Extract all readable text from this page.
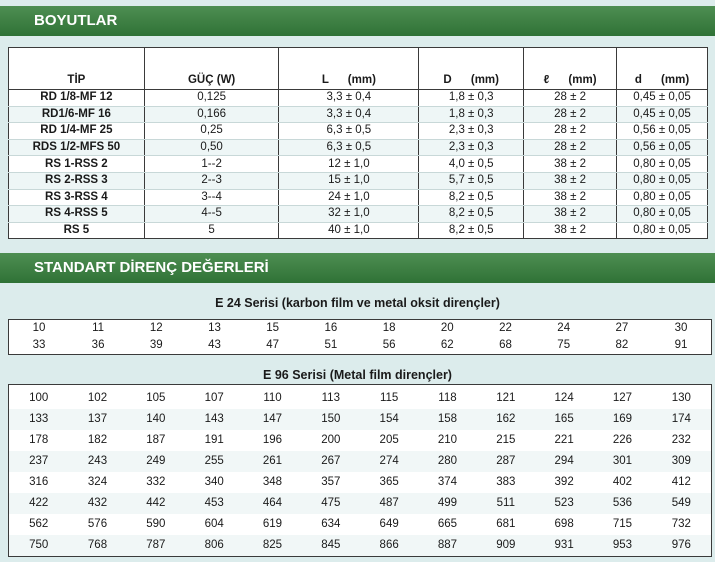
BOYUTLAR
TİP	GÜÇ (W)	L      (mm)	D      (mm)	ℓ      (mm)	d      (mm)
RD 1/8-MF 12	0,125	3,3 ± 0,4	1,8 ± 0,3	28 ± 2	0,45 ± 0,05
RD1/6-MF 16	0,166	3,3 ± 0,4	1,8 ± 0,3	28 ± 2	0,45 ± 0,05
RD 1/4-MF 25	0,25	6,3 ± 0,5	2,3 ± 0,3	28 ± 2	0,56 ± 0,05
RDS 1/2-MFS 50	0,50	6,3 ± 0,5	2,3 ± 0,3	28 ± 2	0,56 ± 0,05
RS 1-RSS 2	1--2	12 ± 1,0	4,0 ± 0,5	38 ± 2	0,80 ± 0,05
RS 2-RSS 3	2--3	15 ± 1,0	5,7 ± 0,5	38 ± 2	0,80 ± 0,05
RS 3-RSS 4	3--4	24 ± 1,0	8,2 ± 0,5	38 ± 2	0,80 ± 0,05
RS 4-RSS 5	4--5	32 ± 1,0	8,2 ± 0,5	38 ± 2	0,80 ± 0,05
RS 5	5	40 ± 1,0	8,2 ± 0,5	38 ± 2	0,80 ± 0,05
STANDART DİRENÇ DEĞERLERİ
E 24 Serisi (karbon film ve metal oksit dirençler)
10	11	12	13	15	16	18	20	22	24	27	30
33	36	39	43	47	51	56	62	68	75	82	91
E 96 Serisi (Metal film dirençler)
100	102	105	107	110	113	115	118	121	124	127	130
133	137	140	143	147	150	154	158	162	165	169	174
178	182	187	191	196	200	205	210	215	221	226	232
237	243	249	255	261	267	274	280	287	294	301	309
316	324	332	340	348	357	365	374	383	392	402	412
422	432	442	453	464	475	487	499	511	523	536	549
562	576	590	604	619	634	649	665	681	698	715	732
750	768	787	806	825	845	866	887	909	931	953	976
